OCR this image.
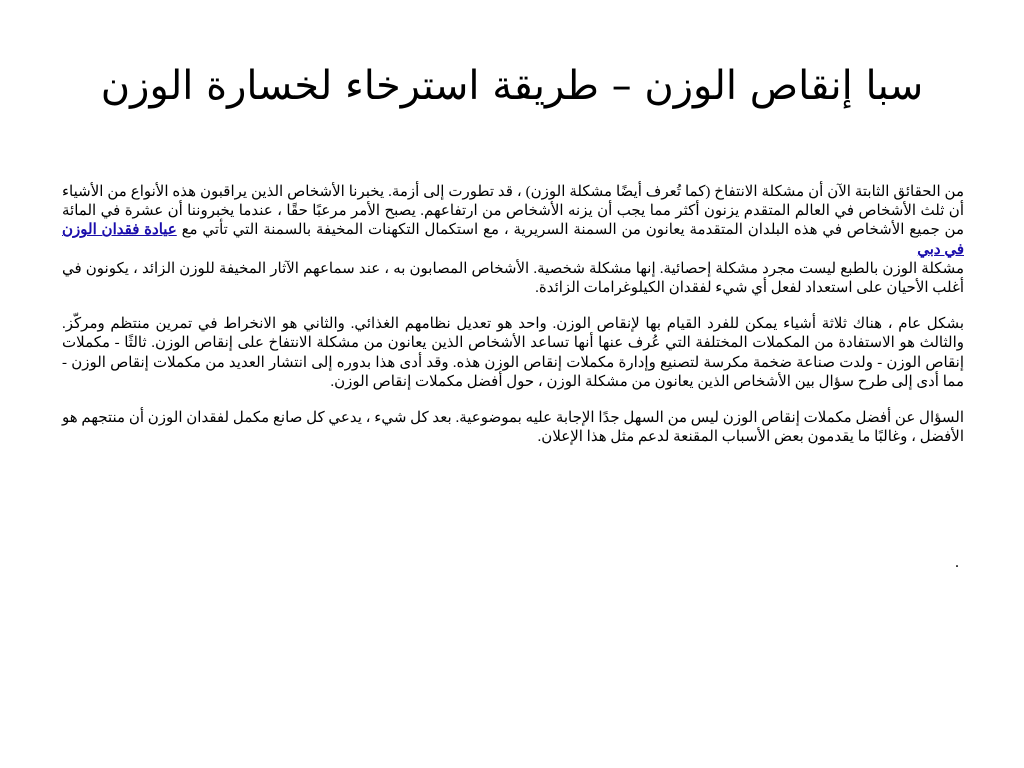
سبا إنقاص الوزن – طريقة استرخاء لخسارة الوزن

من الحقائق الثابتة الآن أن مشكلة الانتفاخ (كما تُعرف أيضًا مشكلة الوزن) ، قد تطورت إلى أزمة. يخبرنا الأشخاص الذين يراقبون هذه الأنواع من الأشياء أن ثلث الأشخاص في العالم المتقدم يزنون أكثر مما يجب أن يزنه الأشخاص من ارتفاعهم. يصبح الأمر مرعبًا حقًا ، عندما يخبروننا أن عشرة في المائة من جميع الأشخاص في هذه البلدان المتقدمة يعانون من السمنة السريرية ، مع استكمال التكهنات المخيفة بالسمنة التي تأتي مع عيادة فقدان الوزن في دبي

مشكلة الوزن بالطبع ليست مجرد مشكلة إحصائية. إنها مشكلة شخصية. الأشخاص المصابون به ، عند سماعهم الآثار المخيفة للوزن الزائد ، يكونون في أغلب الأحيان على استعداد لفعل أي شيء لفقدان الكيلوغرامات الزائدة.

بشكل عام ، هناك ثلاثة أشياء يمكن للفرد القيام بها لإنقاص الوزن. واحد هو تعديل نظامهم الغذائي. والثاني هو الانخراط في تمرين منتظم ومركّز. والثالث هو الاستفادة من المكملات المختلفة التي عُرف عنها أنها تساعد الأشخاص الذين يعانون من مشكلة الانتفاخ على إنقاص الوزن. ثالثًا - مكملات إنقاص الوزن - ولدت صناعة ضخمة مكرسة لتصنيع وإدارة مكملات إنقاص الوزن هذه. وقد أدى هذا بدوره إلى انتشار العديد من مكملات إنقاص الوزن - مما أدى إلى طرح سؤال بين الأشخاص الذين يعانون من مشكلة الوزن ، حول أفضل مكملات إنقاص الوزن.

السؤال عن أفضل مكملات إنقاص الوزن ليس من السهل جدًا الإجابة عليه بموضوعية. بعد كل شيء ، يدعي كل صانع مكمل لفقدان الوزن أن منتجهم هو الأفضل ، وغالبًا ما يقدمون بعض الأسباب المقنعة لدعم مثل هذا الإعلان.

.
